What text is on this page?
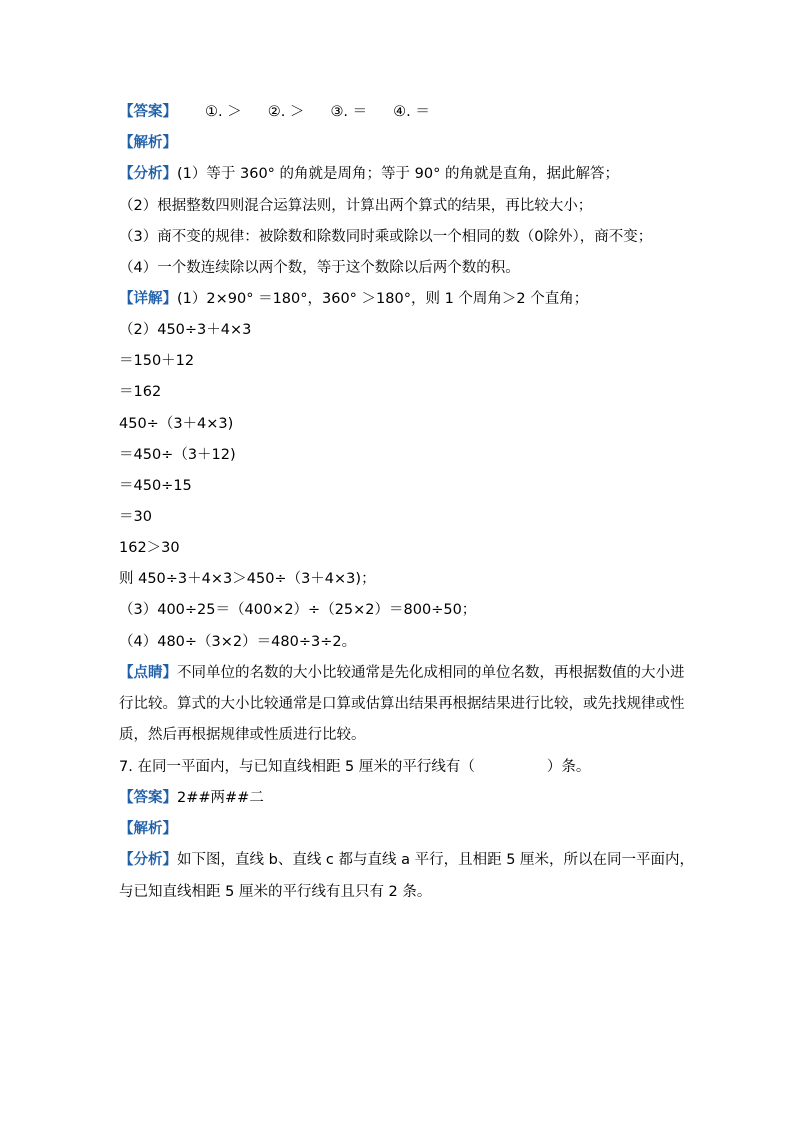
【答案】 ①. ＞ ②. ＞ ③. ＝ ④. ＝
【解析】
【分析】(1）等于 360° 的角就是周角；等于 90° 的角就是直角，据此解答；
（2）根据整数四则混合运算法则，计算出两个算式的结果，再比较大小；
（3）商不变的规律：被除数和除数同时乘或除以一个相同的数（0除外），商不变；
（4）一个数连续除以两个数，等于这个数除以后两个数的积。
【详解】(1）2×90° ＝180°，360° ＞180°，则 1 个周角＞2 个直角；
（2）450÷3＋4×3
＝150＋12
＝162
450÷（3＋4×3)
＝450÷（3＋12)
＝450÷15
＝30
162＞30
则 450÷3＋4×3＞450÷（3＋4×3)；
（3）400÷25＝（400×2）÷（25×2）＝800÷50；
（4）480÷（3×2）＝480÷3÷2。
【点睛】不同单位的名数的大小比较通常是先化成相同的单位名数，再根据数值的大小进
行比较。算式的大小比较通常是口算或估算出结果再根据结果进行比较，或先找规律或性
质，然后再根据规律或性质进行比较。
7. 在同一平面内，与已知直线相距 5 厘米的平行线有（	）条。
【答案】2##两##二
【解析】
【分析】如下图，直线 b、直线 c 都与直线 a 平行，且相距 5 厘米，所以在同一平面内，
与已知直线相距 5 厘米的平行线有且只有 2 条。
